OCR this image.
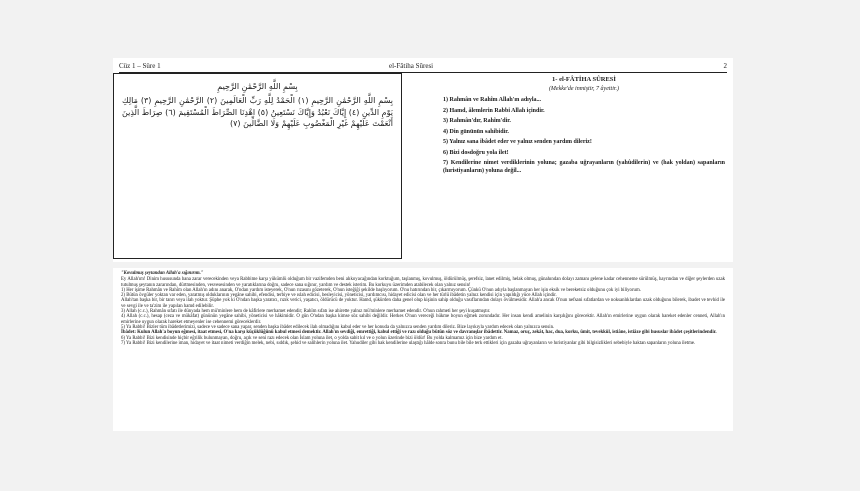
Cüz 1 – Süre 1	el-Fâtiha Sûresi	2
بِسْمِ اللَّهِ الرَّحْمَٰنِ الرَّحِيمِ
بِسْمِ اللَّهِ الرَّحْمَٰنِ الرَّحِيمِ (١) الْحَمْدُ لِلَّهِ رَبِّ الْعَالَمِينَ (٢) الرَّحْمَٰنِ الرَّحِيمِ (٣) مَالِكِ يَوْمِ الدِّينِ (٤) إِيَّاكَ نَعْبُدُ وَإِيَّاكَ نَسْتَعِينُ (٥) اهْدِنَا الصِّرَاطَ الْمُسْتَقِيمَ (٦) صِرَاطَ الَّذِينَ أَنْعَمْتَ عَلَيْهِمْ غَيْرِ الْمَغْضُوبِ عَلَيْهِمْ وَلَا الضَّالِّينَ (٧)
1- el-FÂTİHA SÛRESİ
(Mekke'de inmiştir, 7 âyettir.)
1) Rahmân ve Rahîm Allah'ın adıyla...
2) Hamd, âlemlerin Rabbi Allah içindir.
3) Rahmân'dır, Rahîm'dir.
4) Din gününün sahibidir.
5) Yalnız sana ibâdet eder ve yalnız senden yardım dileriz!
6) Bizi dosdoğru yola ilet!
7) Kendilerine nimet verdiklerinin yoluna; gazaba uğrayanların (yahûdilerin) ve (hak yoldan) sapanların (hıristiyanların) yoluna değil...
"Kovulmuş şeytandan Allah'a sığınırım."

Ey Allah'ım! Dinim hususunda bana zarar verecekinden veya Rabbime karşı yükümlü olduğum bir vazifemden beni alıkoyacağından korktuğum, taşlanmış, kovulmuş, öldürülmüş, şerefsiz, lanet edilmiş, helak olmuş, günahından dolayı zamanı gelene kadar cehenneme sürülmüş, hayrından ve diğer şeylerden uzak tutulmuş şeytanın zararından, dürtmesinden, vesvesesinden ve yaratıklarına doğru, sadece sana sığınır, yardım ve destek isterim. Bu korkuyu üzerimden atabilecek olan yalnız sensin!

1) Her işime Rahmân ve Rahîm olan Allah'ın adını anarak, O'ndan yardım isteyerek, O'nun rızasını gözeterek, O'nun isteğiği şekilde başlıyorum. O'nu hatırından bir, çıkarmıyorum. Çünkü O'nun adıyla başlanmayan her işin eksik ve bereketsiz olduğunu çok iyi biliyorum.

2) Bütün övgüler yoktan var eden, yaratmış olduklarının yegâne sahibi, efendisi, terbiye ve ıslah edicisi, besleyicisi, yöneticisi, yardımcısı, hidayet edicisi olan ve her türlü ibâdetin yalnız kendisi için yapıldığı yüce Allah içindir.

Allah'tan başka bir, bir tanrı veya ilah yoktur. Şüphe yok ki O'ndan başka yaratıcı, rızık verici, yaşatıcı, öldürücü de yoktur. Hamd, şükürden daha genel olup kişinin sahip olduğu vasıflarından dolayı övülmesidir. Allah'a ancak O'nun nefsani sıfatlardan ve noksanlıklardan uzak olduğunu bilerek, ibadet ve tevhid ile ve sevgi ile ve ta'zim ile yapılan hamd edilebilir.

3) Allah (c.c.), Rahmân sıfatı ile dünyada hem mü'minlere hem de kâfirlere merhamet edendir; Rahîm sıfatı ise ahirette yalnız mü'minlere merhamet edendir. O'nun rahmeti her şeyi kuşatmıştır.

4) Allah (c.c.), hesap (ceza ve mükâfat) gününün yegâne sahibi, yöneticisi ve hâkimidir. O gün O'ndan başka kimse söz sahibi değildir. Herkes O'nun vereceği hükme boyun eğmek zorundadır. Her insan kendi amelinin karşılığını görecektir. Allah'ın emirlerine uygun olarak hareket edenler cenneti, Allah'ın emirlerine uygun olarak hareket etmeyenler ise cehennemi göreceklerdir.

5) Ya Rabbi! Bizler tüm ibâdetlerimizi, sadece ve sadece sana yapar, senden başka ibâdet edilecek ilah olmadığını kabul eder ve her konuda da yalnızca senden yardım dileriz. Bize layıkıyla yardım edecek olan yalnızca sensin.

İbâdet: Kulun Allah'a boyun eğmesi, itaat etmesi, O'na karşı küçüklüğünü kabul etmesi demektir. Allah'ın sevdiği, emrettiği, kabul ettiği ve razı olduğu bütün söz ve davranışlar ibâdettir. Namaz, oruç, zekât, hac, dua, korku, ümit, tevekkül, istiâne, istiâze gibi hususlar ibâdet çeşitlerindendir.

6) Ya Rabbi! Bizi kendisinde hiçbir eğrilik bulunmayan, doğru, açık ve seni razı edecek olan İslam yoluna ilet, o yolda sabit kıl ve o yolun üzerinde bizi öldür! Bu yolda kalmamız için bize yardım et.

7) Ya Rabbi! Bizi kendilerine iman, hidayet ve itaat nimeti verdiğin melek, nebi, sıddık, şehid ve salihlerin yoluna ilet. Yahudiler gibi hak kendilerine ulaştığı hâlde sonra bunu bile bile terk ettikleri için gazaba uğrayanların ve hıristiyanlar gibi bilgisizlikleri sebebiyle haktan sapanların yoluna iletme.
